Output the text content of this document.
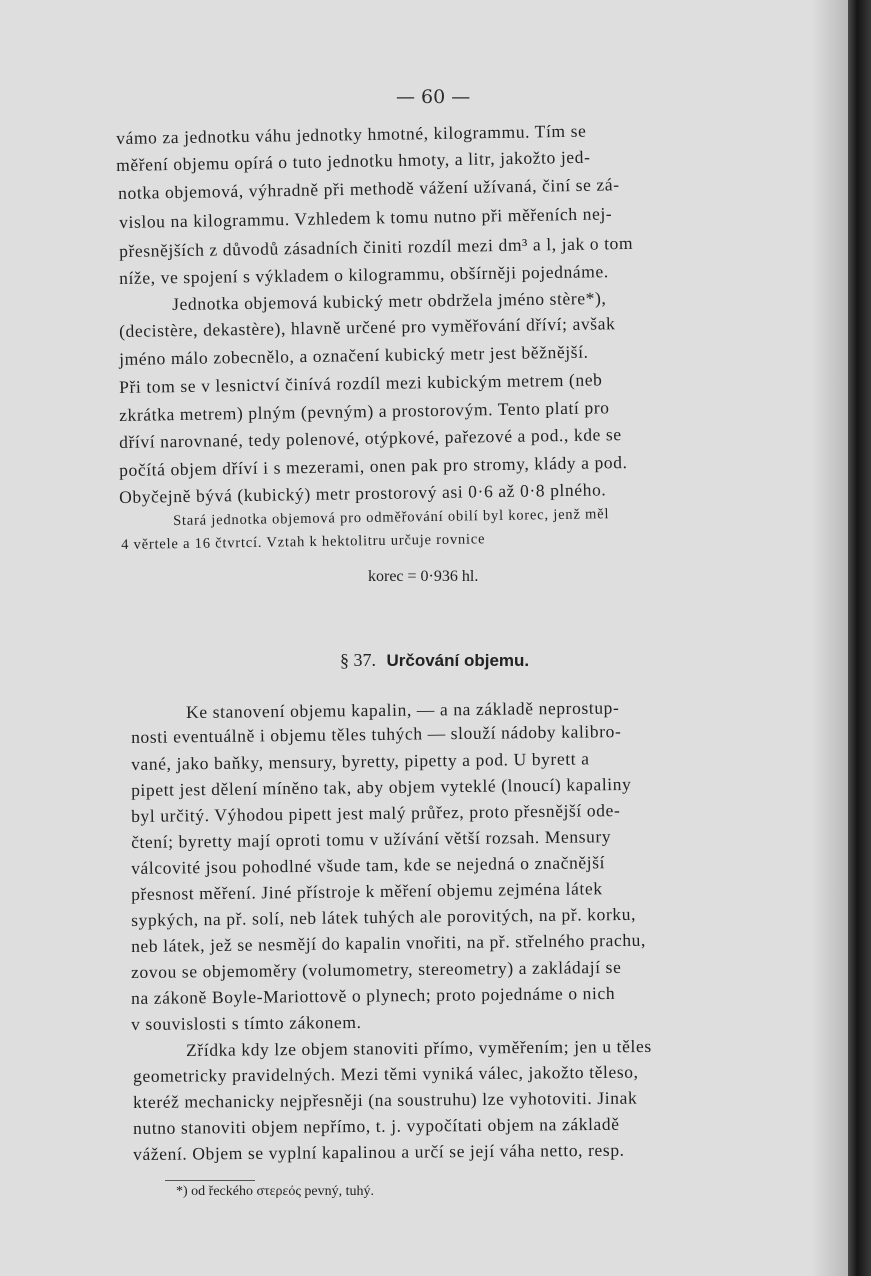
— 60 —
vámo za jednotku váhu jednotky hmotné, kilogrammu. Tím se
měření objemu opírá o tuto jednotku hmoty, a litr, jakožto jed-
notka objemová, výhradně při methodě vážení užívaná, činí se zá-
vislou na kilogrammu. Vzhledem k tomu nutno při měřeních nej-
přesnějších z důvodů zásadních činiti rozdíl mezi dm³ a l, jak o tom
níže, ve spojení s výkladem o kilogrammu, obšírněji pojednáme.
Jednotka objemová kubický metr obdržela jméno stère*),
(decistère, dekastère), hlavně určené pro vyměřování dříví; avšak
jméno málo zobecnělo, a označení kubický metr jest běžnější.
Při tom se v lesnictví činívá rozdíl mezi kubickým metrem (neb
zkrátka metrem) plným (pevným) a prostorovým. Tento platí pro
dříví narovnané, tedy polenové, otýpkové, pařezové a pod., kde se
počítá objem dříví i s mezerami, onen pak pro stromy, klády a pod.
Obyčejně bývá (kubický) metr prostorový asi 0·6 až 0·8 plného.
Stará jednotka objemová pro odměřování obilí byl korec, jenž měl
4 věrtele a 16 čtvrtcí. Vztah k hektolitru určuje rovnice
korec = 0·936 hl.
§ 37. Určování objemu.
Ke stanovení objemu kapalin, — a na základě neprostup-
nosti eventuálně i objemu těles tuhých — slouží nádoby kalibro-
vané, jako baňky, mensury, byretty, pipetty a pod. U byrett a
pipett jest dělení míněno tak, aby objem vyteklé (lnoucí) kapaliny
byl určitý. Výhodou pipett jest malý průřez, proto přesnější ode-
čtení; byretty mají oproti tomu v užívání větší rozsah. Mensury
válcovité jsou pohodlné všude tam, kde se nejedná o značnější
přesnost měření. Jiné přístroje k měření objemu zejména látek
sypkých, na př. solí, neb látek tuhých ale porovitých, na př. korku,
neb látek, jež se nesmějí do kapalin vnořiti, na př. střelného prachu,
zovou se objemoměry (volumometry, stereometry) a zakládají se
na zákoně Boyle-Mariottově o plynech; proto pojednáme o nich
v souvislosti s tímto zákonem.
Zřídka kdy lze objem stanoviti přímo, vyměřením; jen u těles
geometricky pravidelných. Mezi těmi vyniká válec, jakožto těleso,
kteréž mechanicky nejpřesněji (na soustruhu) lze vyhotoviti. Jinak
nutno stanoviti objem nepřímo, t. j. vypočítati objem na základě
vážení. Objem se vyplní kapalinou a určí se její váha netto, resp.
*) od řeckého στερεός pevný, tuhý.
